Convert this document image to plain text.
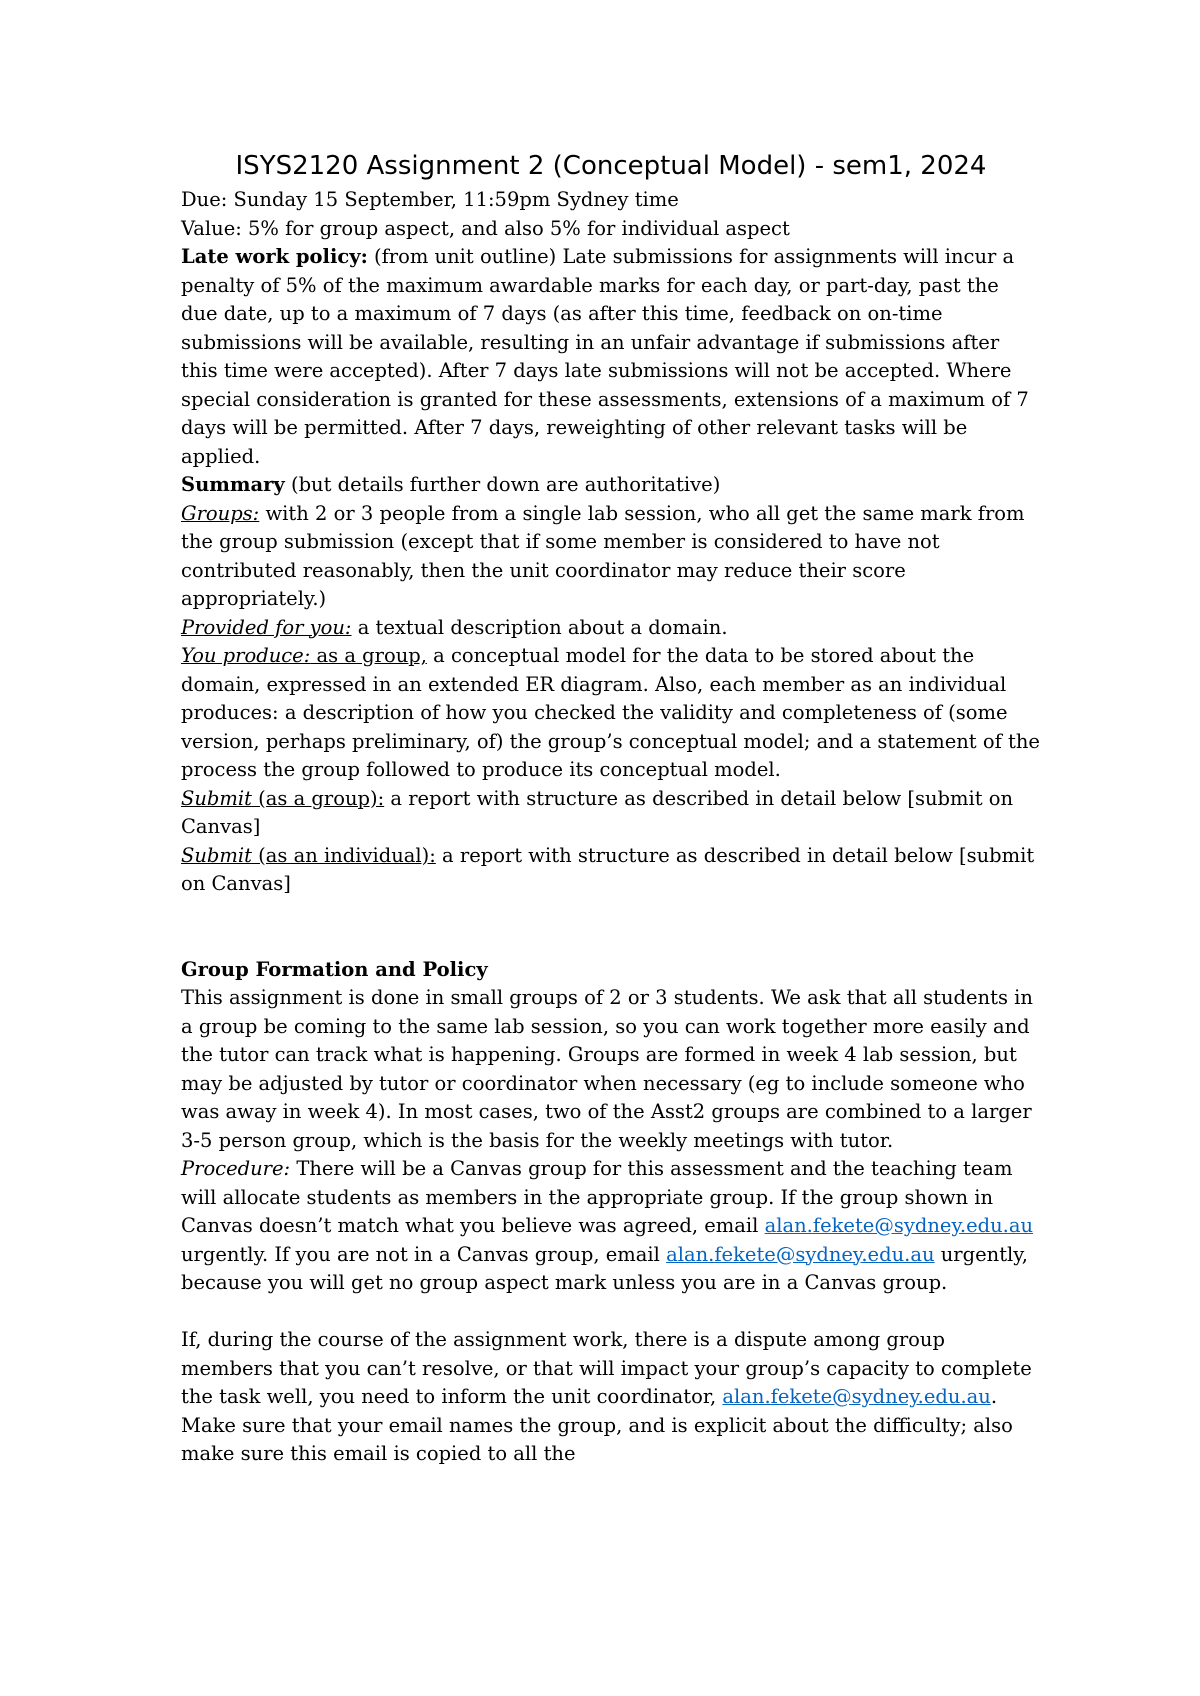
ISYS2120 Assignment 2 (Conceptual Model) - sem1, 2024

Due: Sunday 15 September, 11:59pm Sydney time

Value: 5% for group aspect, and also 5% for individual aspect

Late work policy: (from unit outline) Late submissions for assignments will incur a penalty of 5% of the maximum awardable marks for each day, or part-day, past the due date, up to a maximum of 7 days (as after this time, feedback on on-time submissions will be available, resulting in an unfair advantage if submissions after this time were accepted). After 7 days late submissions will not be accepted. Where special consideration is granted for these assessments, extensions of a maximum of 7 days will be permitted. After 7 days, reweighting of other relevant tasks will be applied.

Summary (but details further down are authoritative)

Groups: with 2 or 3 people from a single lab session, who all get the same mark from the group submission (except that if some member is considered to have not contributed reasonably, then the unit coordinator may reduce their score appropriately.)

Provided for you: a textual description about a domain.

You produce: as a group, a conceptual model for the data to be stored about the domain, expressed in an extended ER diagram. Also, each member as an individual produces: a description of how you checked the validity and completeness of (some version, perhaps preliminary, of) the group’s conceptual model; and a statement of the process the group followed to produce its conceptual model.

Submit (as a group): a report with structure as described in detail below [submit on Canvas]

Submit (as an individual): a report with structure as described in detail below [submit on Canvas]

Group Formation and Policy

This assignment is done in small groups of 2 or 3 students. We ask that all students in a group be coming to the same lab session, so you can work together more easily and the tutor can track what is happening. Groups are formed in week 4 lab session, but may be adjusted by tutor or coordinator when necessary (eg to include someone who was away in week 4). In most cases, two of the Asst2 groups are combined to a larger 3-5 person group, which is the basis for the weekly meetings with tutor.

Procedure: There will be a Canvas group for this assessment and the teaching team will allocate students as members in the appropriate group. If the group shown in Canvas doesn’t match what you believe was agreed, email alan.fekete@sydney.edu.au urgently. If you are not in a Canvas group, email alan.fekete@sydney.edu.au urgently, because you will get no group aspect mark unless you are in a Canvas group.

If, during the course of the assignment work, there is a dispute among group members that you can’t resolve, or that will impact your group’s capacity to complete the task well, you need to inform the unit coordinator, alan.fekete@sydney.edu.au. Make sure that your email names the group, and is explicit about the difficulty; also make sure this email is copied to all the
